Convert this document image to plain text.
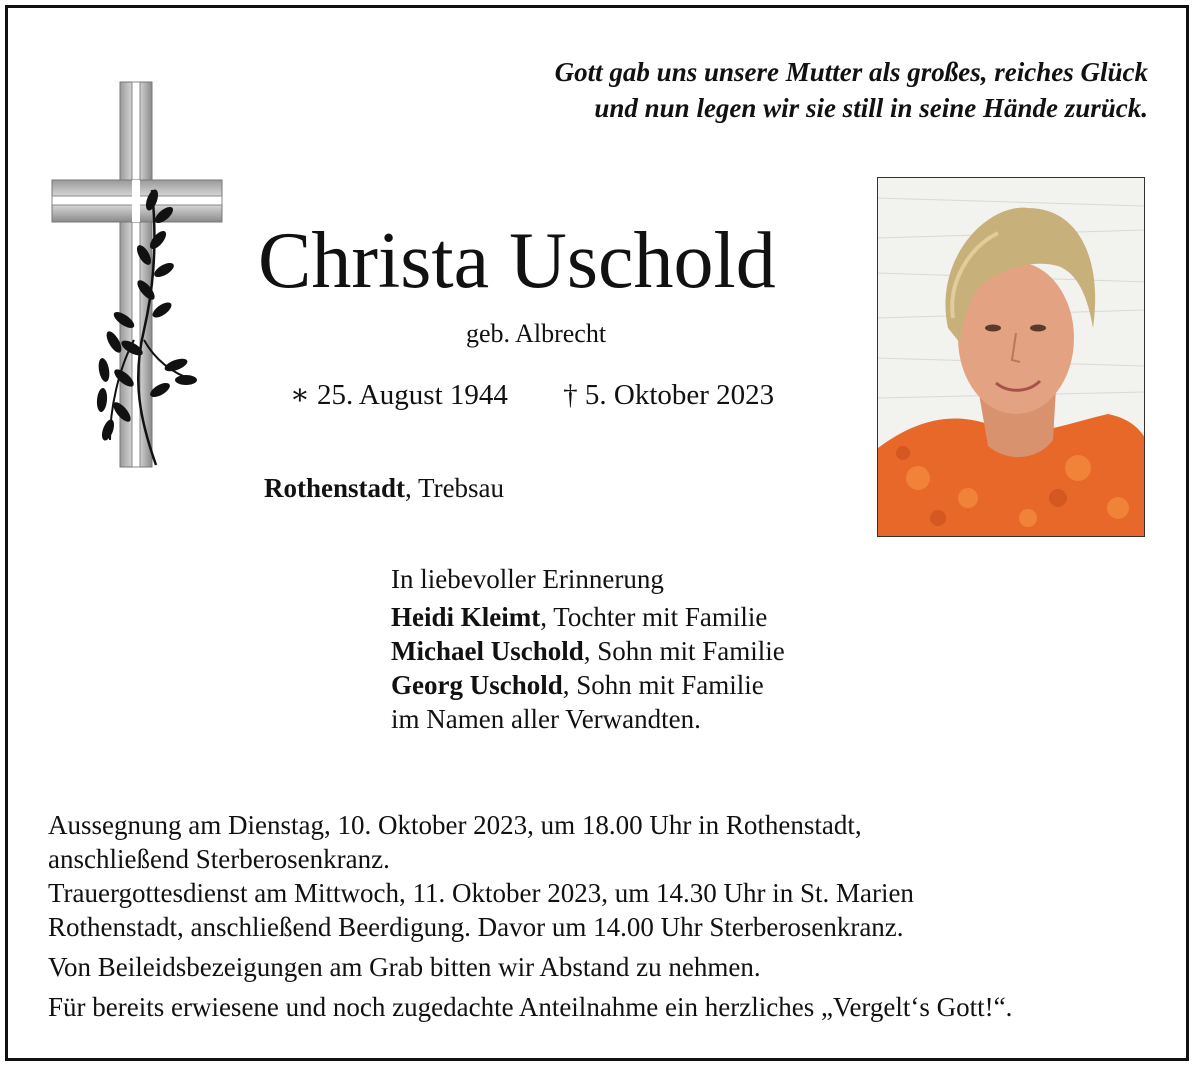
Gott gab uns unsere Mutter als großes, reiches Glück
und nun legen wir sie still in seine Hände zurück.
Christa Uschold
geb. Albrecht
∗ 25. August 1944 † 5. Oktober 2023
Rothenstadt, Trebsau
In liebevoller Erinnerung
Heidi Kleimt, Tochter mit Familie
Michael Uschold, Sohn mit Familie
Georg Uschold, Sohn mit Familie
im Namen aller Verwandten.

Aussegnung am Dienstag, 10. Oktober 2023, um 18.00 Uhr in Rothenstadt,

anschließend Sterberosenkranz.

Trauergottesdienst am Mittwoch, 11. Oktober 2023, um 14.30 Uhr in St. Marien

Rothenstadt, anschließend Beerdigung. Davor um 14.00 Uhr Sterberosenkranz.

Von Beileidsbezeigungen am Grab bitten wir Abstand zu nehmen.

Für bereits erwiesene und noch zugedachte Anteilnahme ein herzliches „Vergelt‘s Gott!“.
